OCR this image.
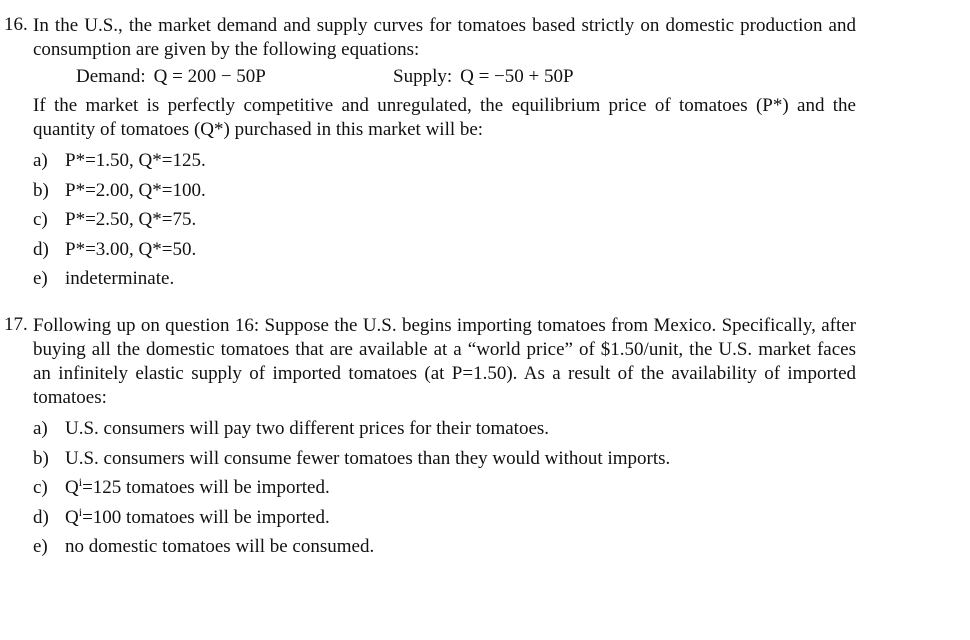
16. In the U.S., the market demand and supply curves for tomatoes based strictly on domestic production and consumption are given by the following equations:

Demand: Q = 200 − 50P	Supply: Q = −50 + 50P

If the market is perfectly competitive and unregulated, the equilibrium price of tomatoes (P*) and the quantity of tomatoes (Q*) purchased in this market will be:

a) P*=1.50, Q*=125.
b) P*=2.00, Q*=100.
c) P*=2.50, Q*=75.
d) P*=3.00, Q*=50.
e) indeterminate.
17. Following up on question 16: Suppose the U.S. begins importing tomatoes from Mexico. Specifically, after buying all the domestic tomatoes that are available at a “world price” of $1.50/unit, the U.S. market faces an infinitely elastic supply of imported tomatoes (at P=1.50). As a result of the availability of imported tomatoes:

a) U.S. consumers will pay two different prices for their tomatoes.
b) U.S. consumers will consume fewer tomatoes than they would without imports.
c) $Q^i=125$ tomatoes will be imported.
d) $Q^i=100$ tomatoes will be imported.
e) no domestic tomatoes will be consumed.
